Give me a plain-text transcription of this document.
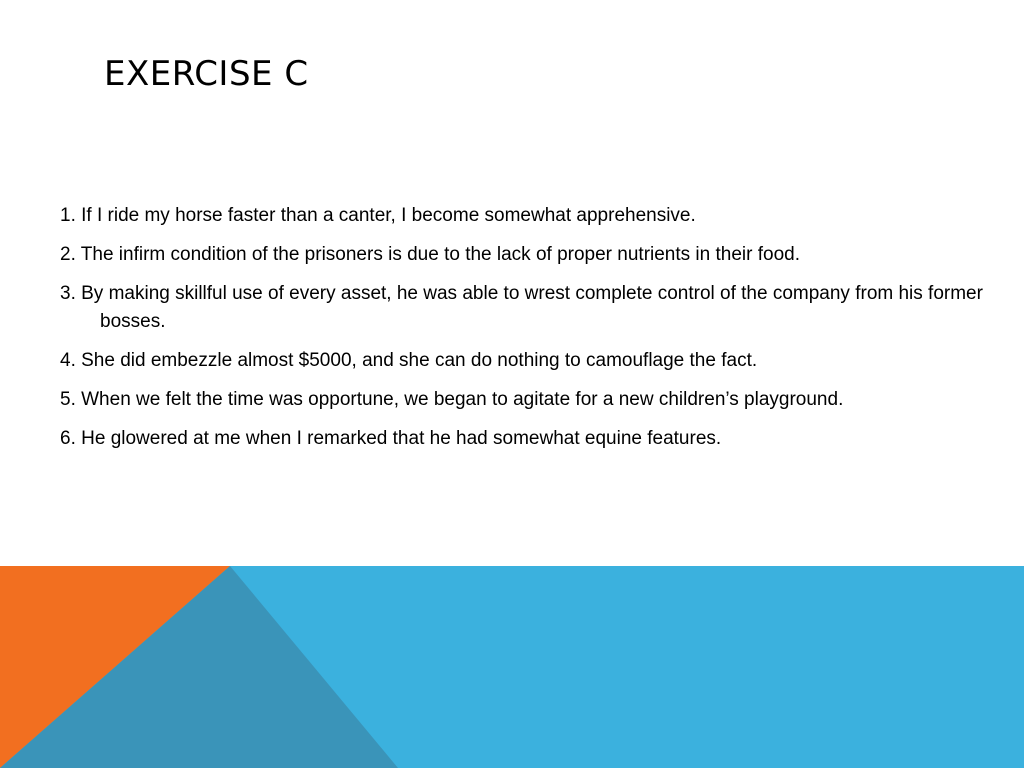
EXERCISE C
1. If I ride my horse faster than a canter, I become somewhat apprehensive.
2. The infirm condition of the prisoners is due to the lack of proper nutrients in their food.
3. By making skillful use of every asset, he was able to wrest complete control of the company from his former bosses.
4. She did embezzle almost $5000, and she can do nothing to camouflage the fact.
5. When we felt the time was opportune, we began to agitate for a new children’s playground.
6. He glowered at me when I remarked that he had somewhat equine features.
